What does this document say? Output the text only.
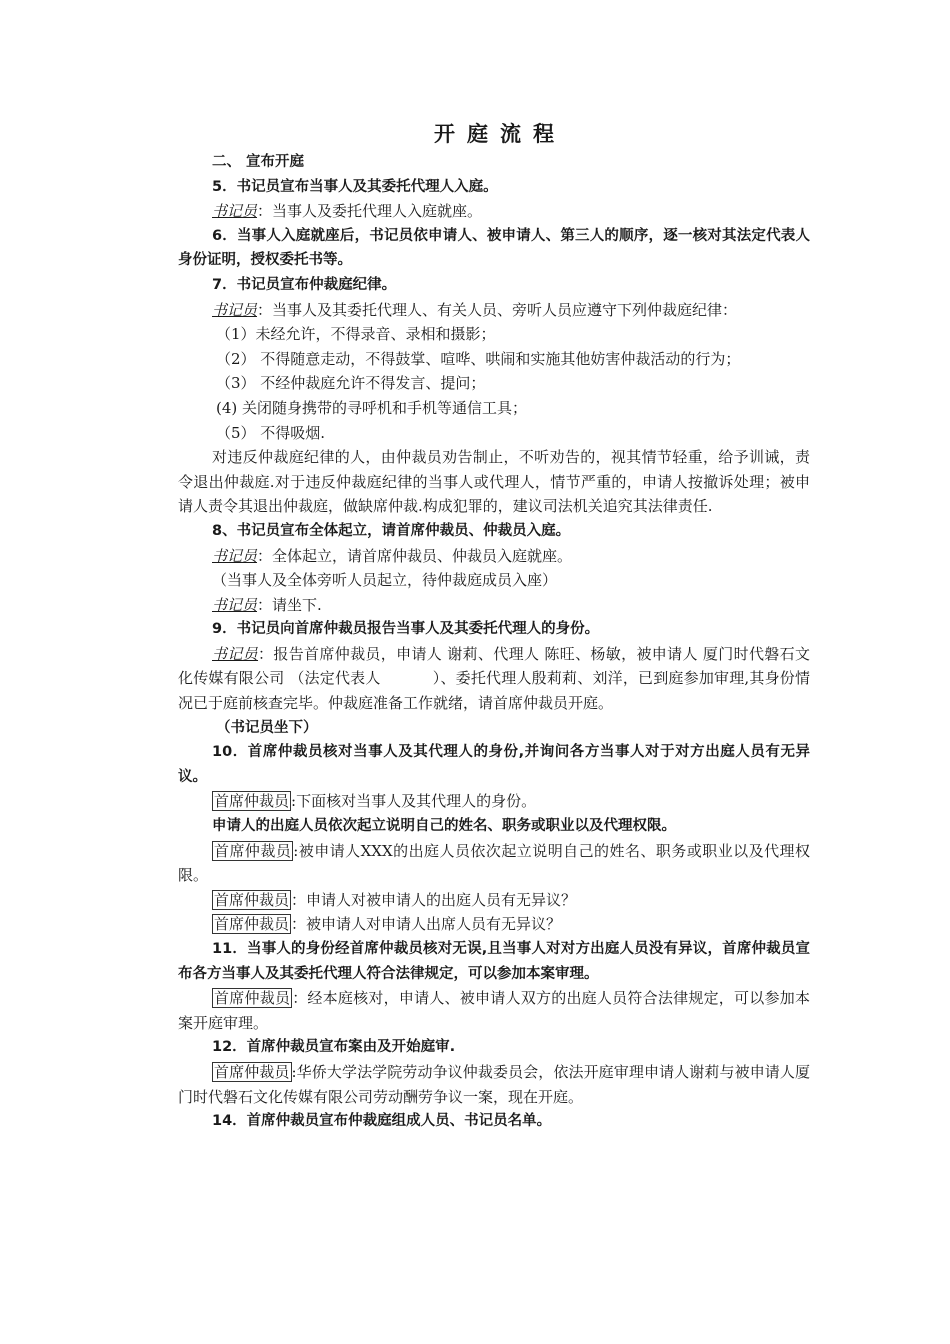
开庭流程

二、 宣布开庭

5．书记员宣布当事人及其委托代理人入庭。

书记员：当事人及委托代理人入庭就座。

6．当事人入庭就座后，书记员依申请人、被申请人、第三人的顺序，逐一核对其法定代表人身份证明，授权委托书等。

7．书记员宣布仲裁庭纪律。

书记员：当事人及其委托代理人、有关人员、旁听人员应遵守下列仲裁庭纪律：

（1）未经允许，不得录音、录相和摄影；

（2） 不得随意走动，不得鼓掌、喧哗、哄闹和实施其他妨害仲裁活动的行为；

（3） 不经仲裁庭允许不得发言、提问；

(4) 关闭随身携带的寻呼机和手机等通信工具；

（5） 不得吸烟.

对违反仲裁庭纪律的人，由仲裁员劝告制止，不听劝告的，视其情节轻重，给予训诫，责令退出仲裁庭.对于违反仲裁庭纪律的当事人或代理人，情节严重的，申请人按撤诉处理；被申请人责令其退出仲裁庭，做缺席仲裁.构成犯罪的，建议司法机关追究其法律责任.

8、书记员宣布全体起立，请首席仲裁员、仲裁员入庭。

书记员：全体起立，请首席仲裁员、仲裁员入庭就座。

（当事人及全体旁听人员起立，待仲裁庭成员入座）

书记员：请坐下.

9．书记员向首席仲裁员报告当事人及其委托代理人的身份。

书记员：报告首席仲裁员，申请人 谢莉、代理人 陈旺、杨敏，被申请人 厦门时代磐石文化传媒有限公司 （法定代表人	）、委托代理人殷莉莉、刘洋，已到庭参加审理,其身份情况已于庭前核查完毕。仲裁庭准备工作就绪，请首席仲裁员开庭。

（书记员坐下）

10．首席仲裁员核对当事人及其代理人的身份,并询问各方当事人对于对方出庭人员有无异议。

首席仲裁员 :下面核对当事人及其代理人的身份。

申请人的出庭人员依次起立说明自己的姓名、职务或职业以及代理权限。

首席仲裁员 :被申请人XXX的出庭人员依次起立说明自己的姓名、职务或职业以及代理权限。

首席仲裁员 ：申请人对被申请人的出庭人员有无异议？

首席仲裁员 ：被申请人对申请人出席人员有无异议？

11．当事人的身份经首席仲裁员核对无误,且当事人对对方出庭人员没有异议，首席仲裁员宣布各方当事人及其委托代理人符合法律规定，可以参加本案审理。

首席仲裁员 ：经本庭核对，申请人、被申请人双方的出庭人员符合法律规定，可以参加本案开庭审理。

12．首席仲裁员宣布案由及开始庭审.

首席仲裁员 :华侨大学法学院劳动争议仲裁委员会，依法开庭审理申请人谢莉与被申请人厦门时代磐石文化传媒有限公司劳动酬劳争议一案，现在开庭。

14．首席仲裁员宣布仲裁庭组成人员、书记员名单。
